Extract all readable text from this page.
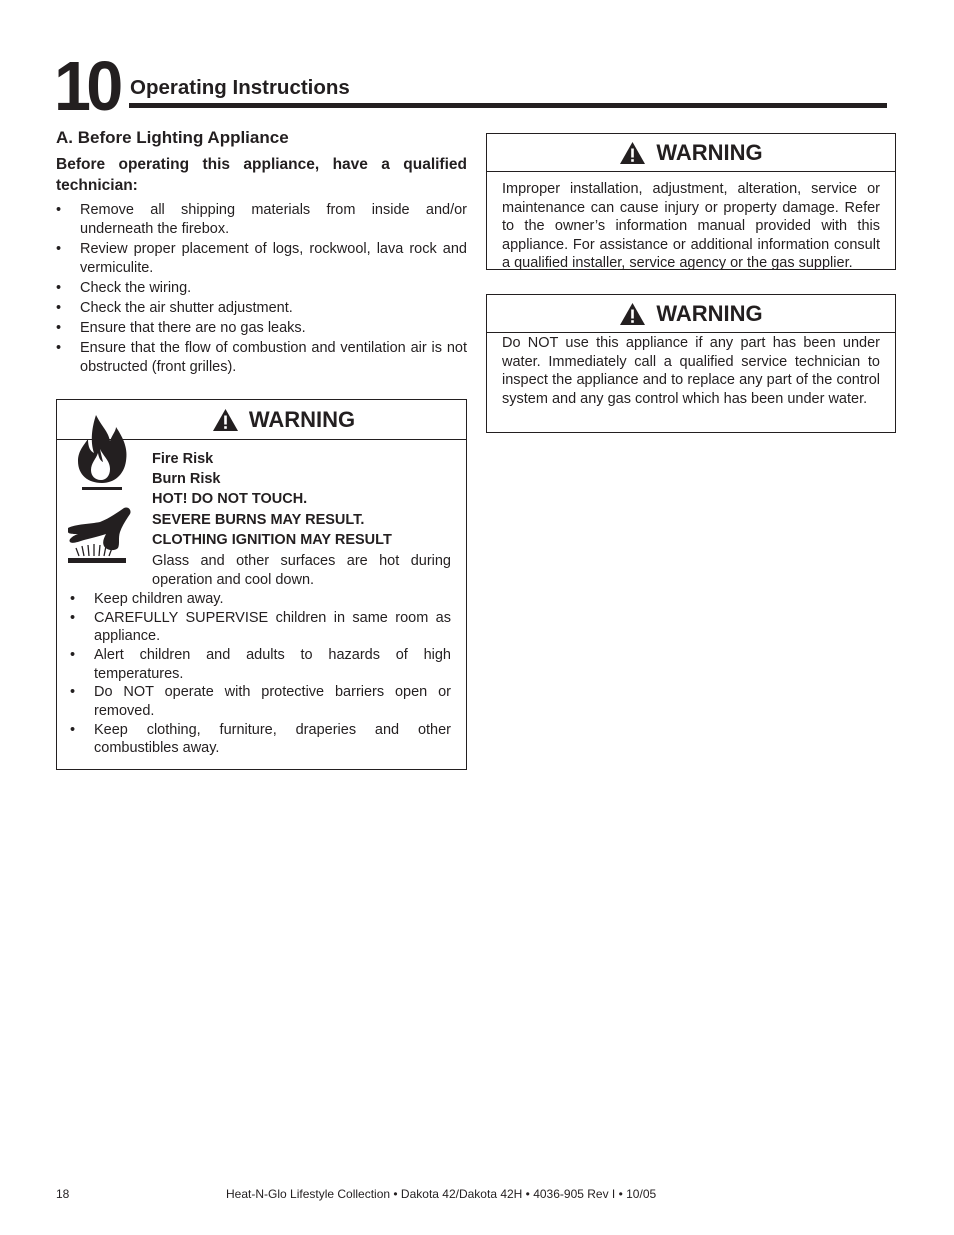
10 Operating Instructions
A. Before Lighting Appliance
Before operating this appliance, have a qualified technician:
• Remove all shipping materials from inside and/or underneath the firebox.
• Review proper placement of logs, rockwool, lava rock and vermiculite.
• Check the wiring.
• Check the air shutter adjustment.
• Ensure that there are no gas leaks.
• Ensure that the flow of combustion and ventilation air is not obstructed (front grilles).
WARNING
Fire Risk
Burn Risk
HOT! DO NOT TOUCH.
SEVERE BURNS MAY RESULT.
CLOTHING IGNITION MAY RESULT
Glass and other surfaces are hot during operation and cool down.
• Keep children away.
• CAREFULLY SUPERVISE children in same room as appliance.
• Alert children and adults to hazards of high temperatures.
• Do NOT operate with protective barriers open or removed.
• Keep clothing, furniture, draperies and other combustibles away.
WARNING
Improper installation, adjustment, alteration, service or maintenance can cause injury or property damage. Refer to the owner’s information manual provided with this appliance. For assistance or additional information consult a qualified installer, service agency or the gas supplier.
WARNING
Do NOT use this appliance if any part has been under water. Immediately call a qualified service technician to inspect the appliance and to replace any part of the control system and any gas control which has been under water.
18	Heat-N-Glo Lifestyle Collection • Dakota 42/Dakota 42H • 4036-905 Rev I • 10/05
